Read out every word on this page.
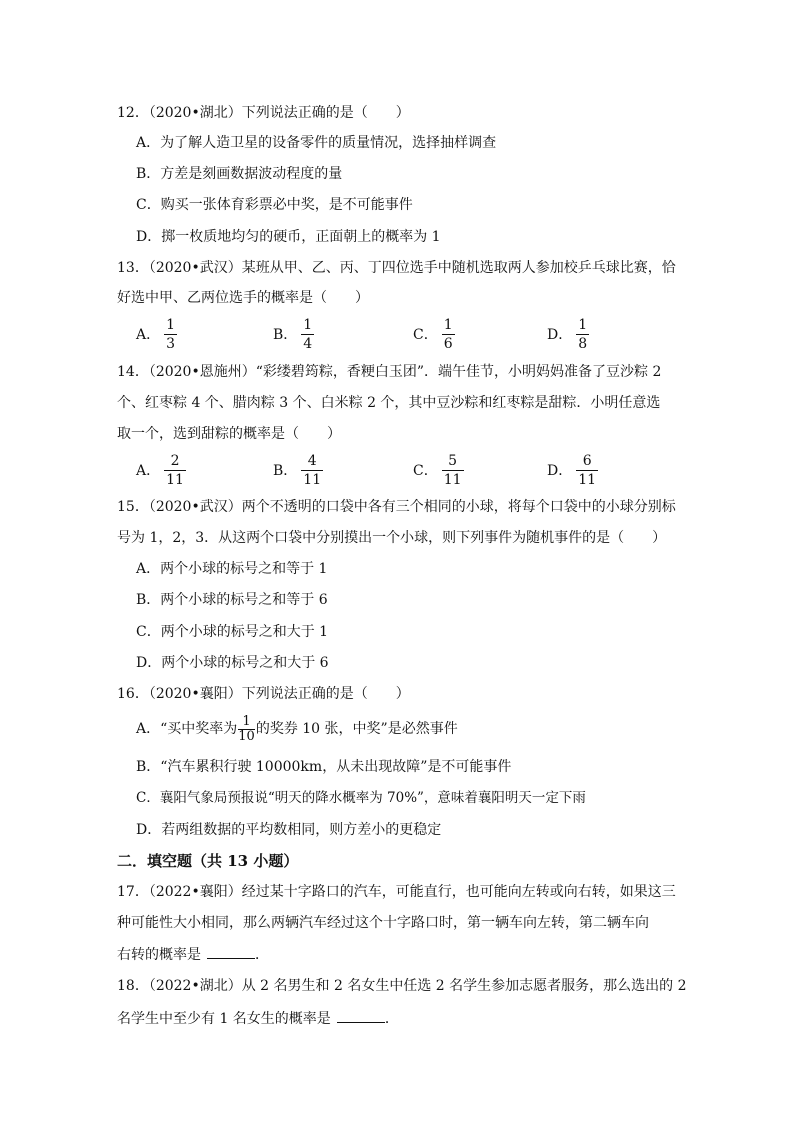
12．（2020•湖北）下列说法正确的是（　　）
A．为了解人造卫星的设备零件的质量情况，选择抽样调查
B．方差是刻画数据波动程度的量
C．购买一张体育彩票必中奖，是不可能事件
D．掷一枚质地均匀的硬币，正面朝上的概率为 1
13．（2020•武汉）某班从甲、乙、丙、丁四位选手中随机选取两人参加校乒乓球比赛，恰
好选中甲、乙两位选手的概率是（　　）
A． $\frac{1}{3}$	B． $\frac{1}{4}$	C． $\frac{1}{6}$	D． $\frac{1}{8}$
14．（2020•恩施州）“彩缕碧筠粽，香粳白玉团”．端午佳节，小明妈妈准备了豆沙粽 2
个、红枣粽 4 个、腊肉粽 3 个、白米粽 2 个，其中豆沙粽和红枣粽是甜粽．小明任意选
取一个，选到甜粽的概率是（　　）
A． $\frac{2}{11}$	B． $\frac{4}{11}$	C． $\frac{5}{11}$	D． $\frac{6}{11}$
15．（2020•武汉）两个不透明的口袋中各有三个相同的小球，将每个口袋中的小球分别标
号为 1，2，3．从这两个口袋中分别摸出一个小球，则下列事件为随机事件的是（　　）
A．两个小球的标号之和等于 1
B．两个小球的标号之和等于 6
C．两个小球的标号之和大于 1
D．两个小球的标号之和大于 6
16．（2020•襄阳）下列说法正确的是（　　）
A．“买中奖率为 1
10 的奖券 10 张，中奖”是必然事件
B．“汽车累积行驶 10000km，从未出现故障”是不可能事件
C．襄阳气象局预报说“明天的降水概率为 70%”，意味着襄阳明天一定下雨
D．若两组数据的平均数相同，则方差小的更稳定
二．填空题（共 13 小题）
17．（2022•襄阳）经过某十字路口的汽车，可能直行，也可能向左转或向右转，如果这三
种可能性大小相同，那么两辆汽车经过这个十字路口时，第一辆车向左转，第二辆车向
右转的概率是	．
18．（2022•湖北）从 2 名男生和 2 名女生中任选 2 名学生参加志愿者服务，那么选出的 2
名学生中至少有 1 名女生的概率是	．
